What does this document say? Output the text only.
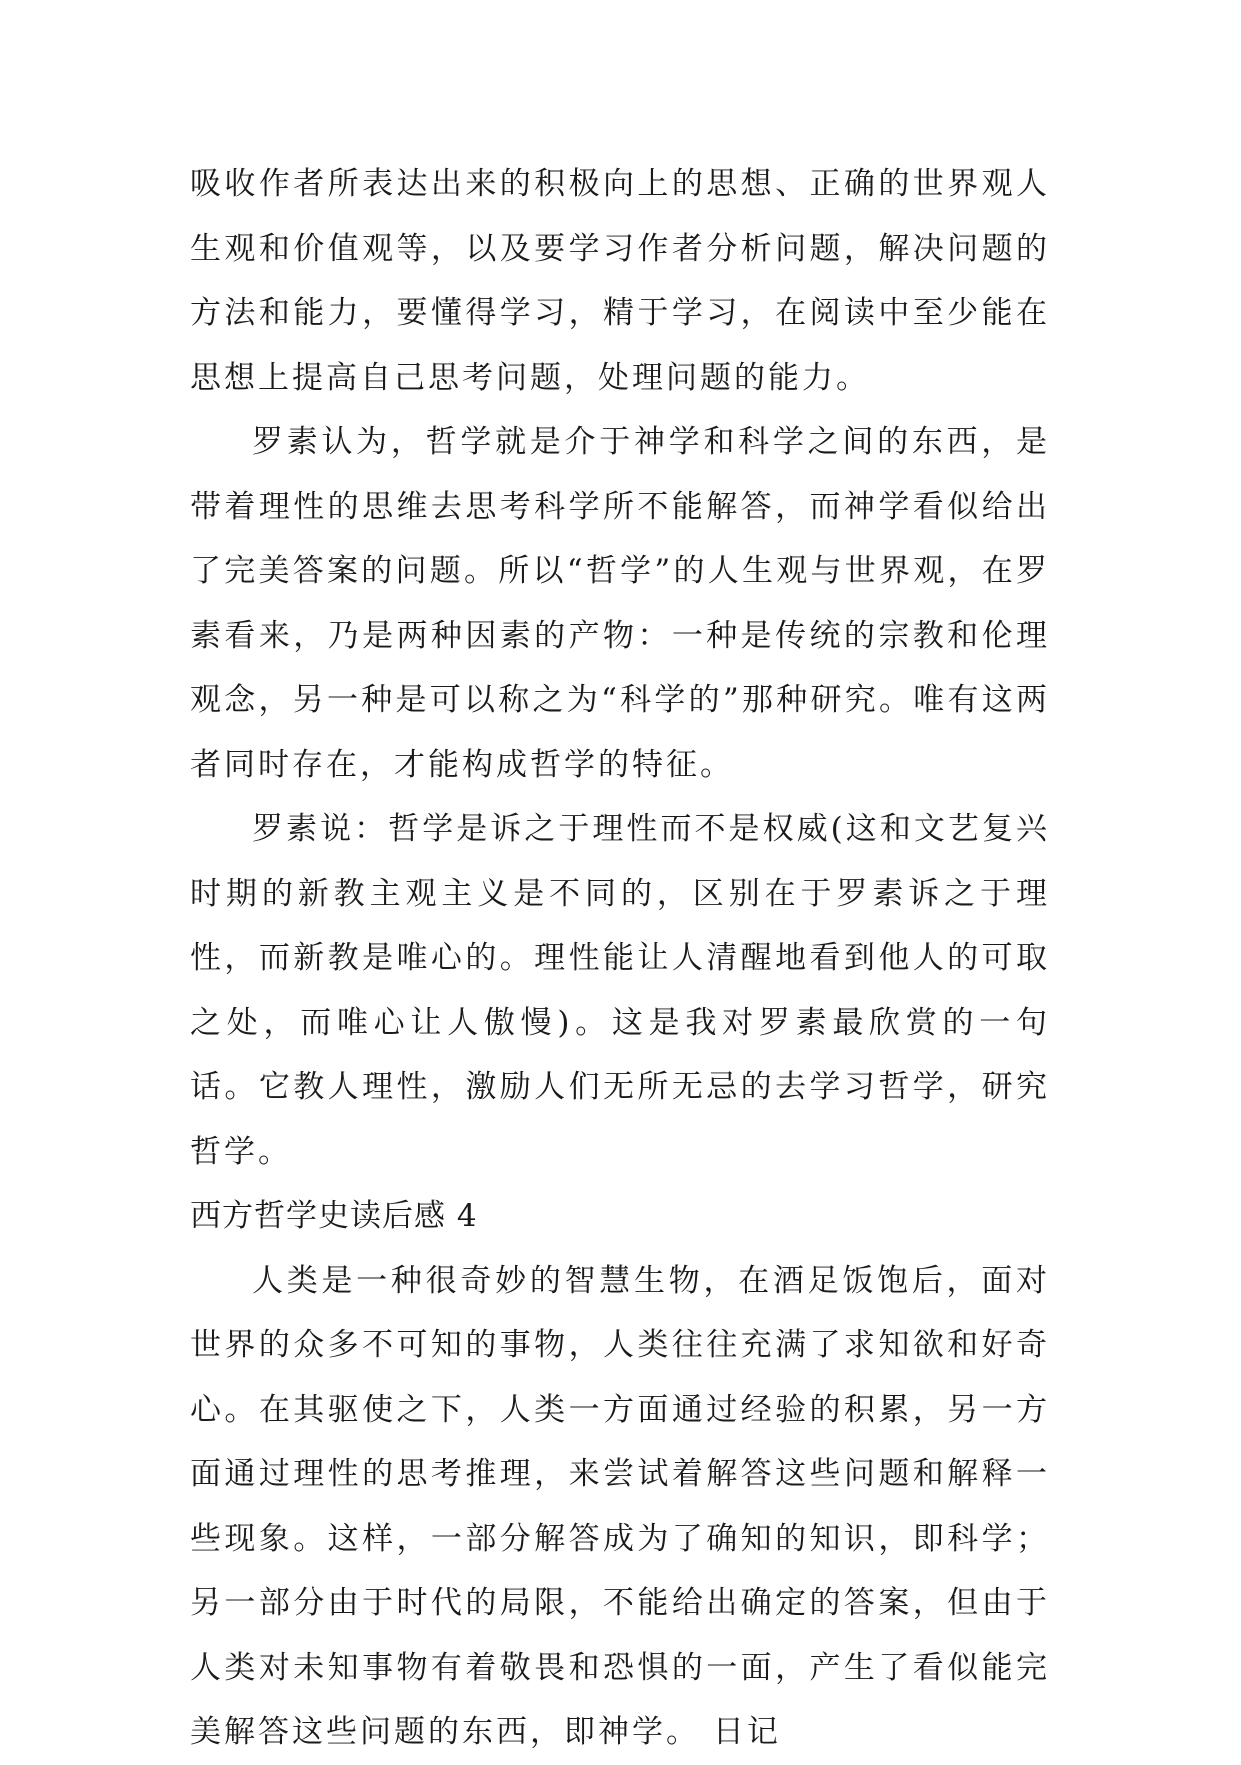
吸收作者所表达出来的积极向上的思想、正确的世界观人生观和价值观等，以及要学习作者分析问题，解决问题的方法和能力，要懂得学习，精于学习，在阅读中至少能在思想上提高自己思考问题，处理问题的能力。

罗素认为，哲学就是介于神学和科学之间的东西，是带着理性的思维去思考科学所不能解答，而神学看似给出了完美答案的问题。所以“哲学”的人生观与世界观，在罗素看来，乃是两种因素的产物：一种是传统的宗教和伦理观念，另一种是可以称之为“科学的”那种研究。唯有这两者同时存在，才能构成哲学的特征。

罗素说：哲学是诉之于理性而不是权威(这和文艺复兴时期的新教主观主义是不同的，区别在于罗素诉之于理性，而新教是唯心的。理性能让人清醒地看到他人的可取之处，而唯心让人傲慢)。这是我对罗素最欣赏的一句话。它教人理性，激励人们无所无忌的去学习哲学，研究哲学。

西方哲学史读后感 4

人类是一种很奇妙的智慧生物，在酒足饭饱后，面对世界的众多不可知的事物，人类往往充满了求知欲和好奇心。在其驱使之下，人类一方面通过经验的积累，另一方面通过理性的思考推理，来尝试着解答这些问题和解释一些现象。这样，一部分解答成为了确知的知识，即科学；另一部分由于时代的局限，不能给出确定的答案，但由于人类对未知事物有着敬畏和恐惧的一面，产生了看似能完美解答这些问题的东西，即神学。 日记
